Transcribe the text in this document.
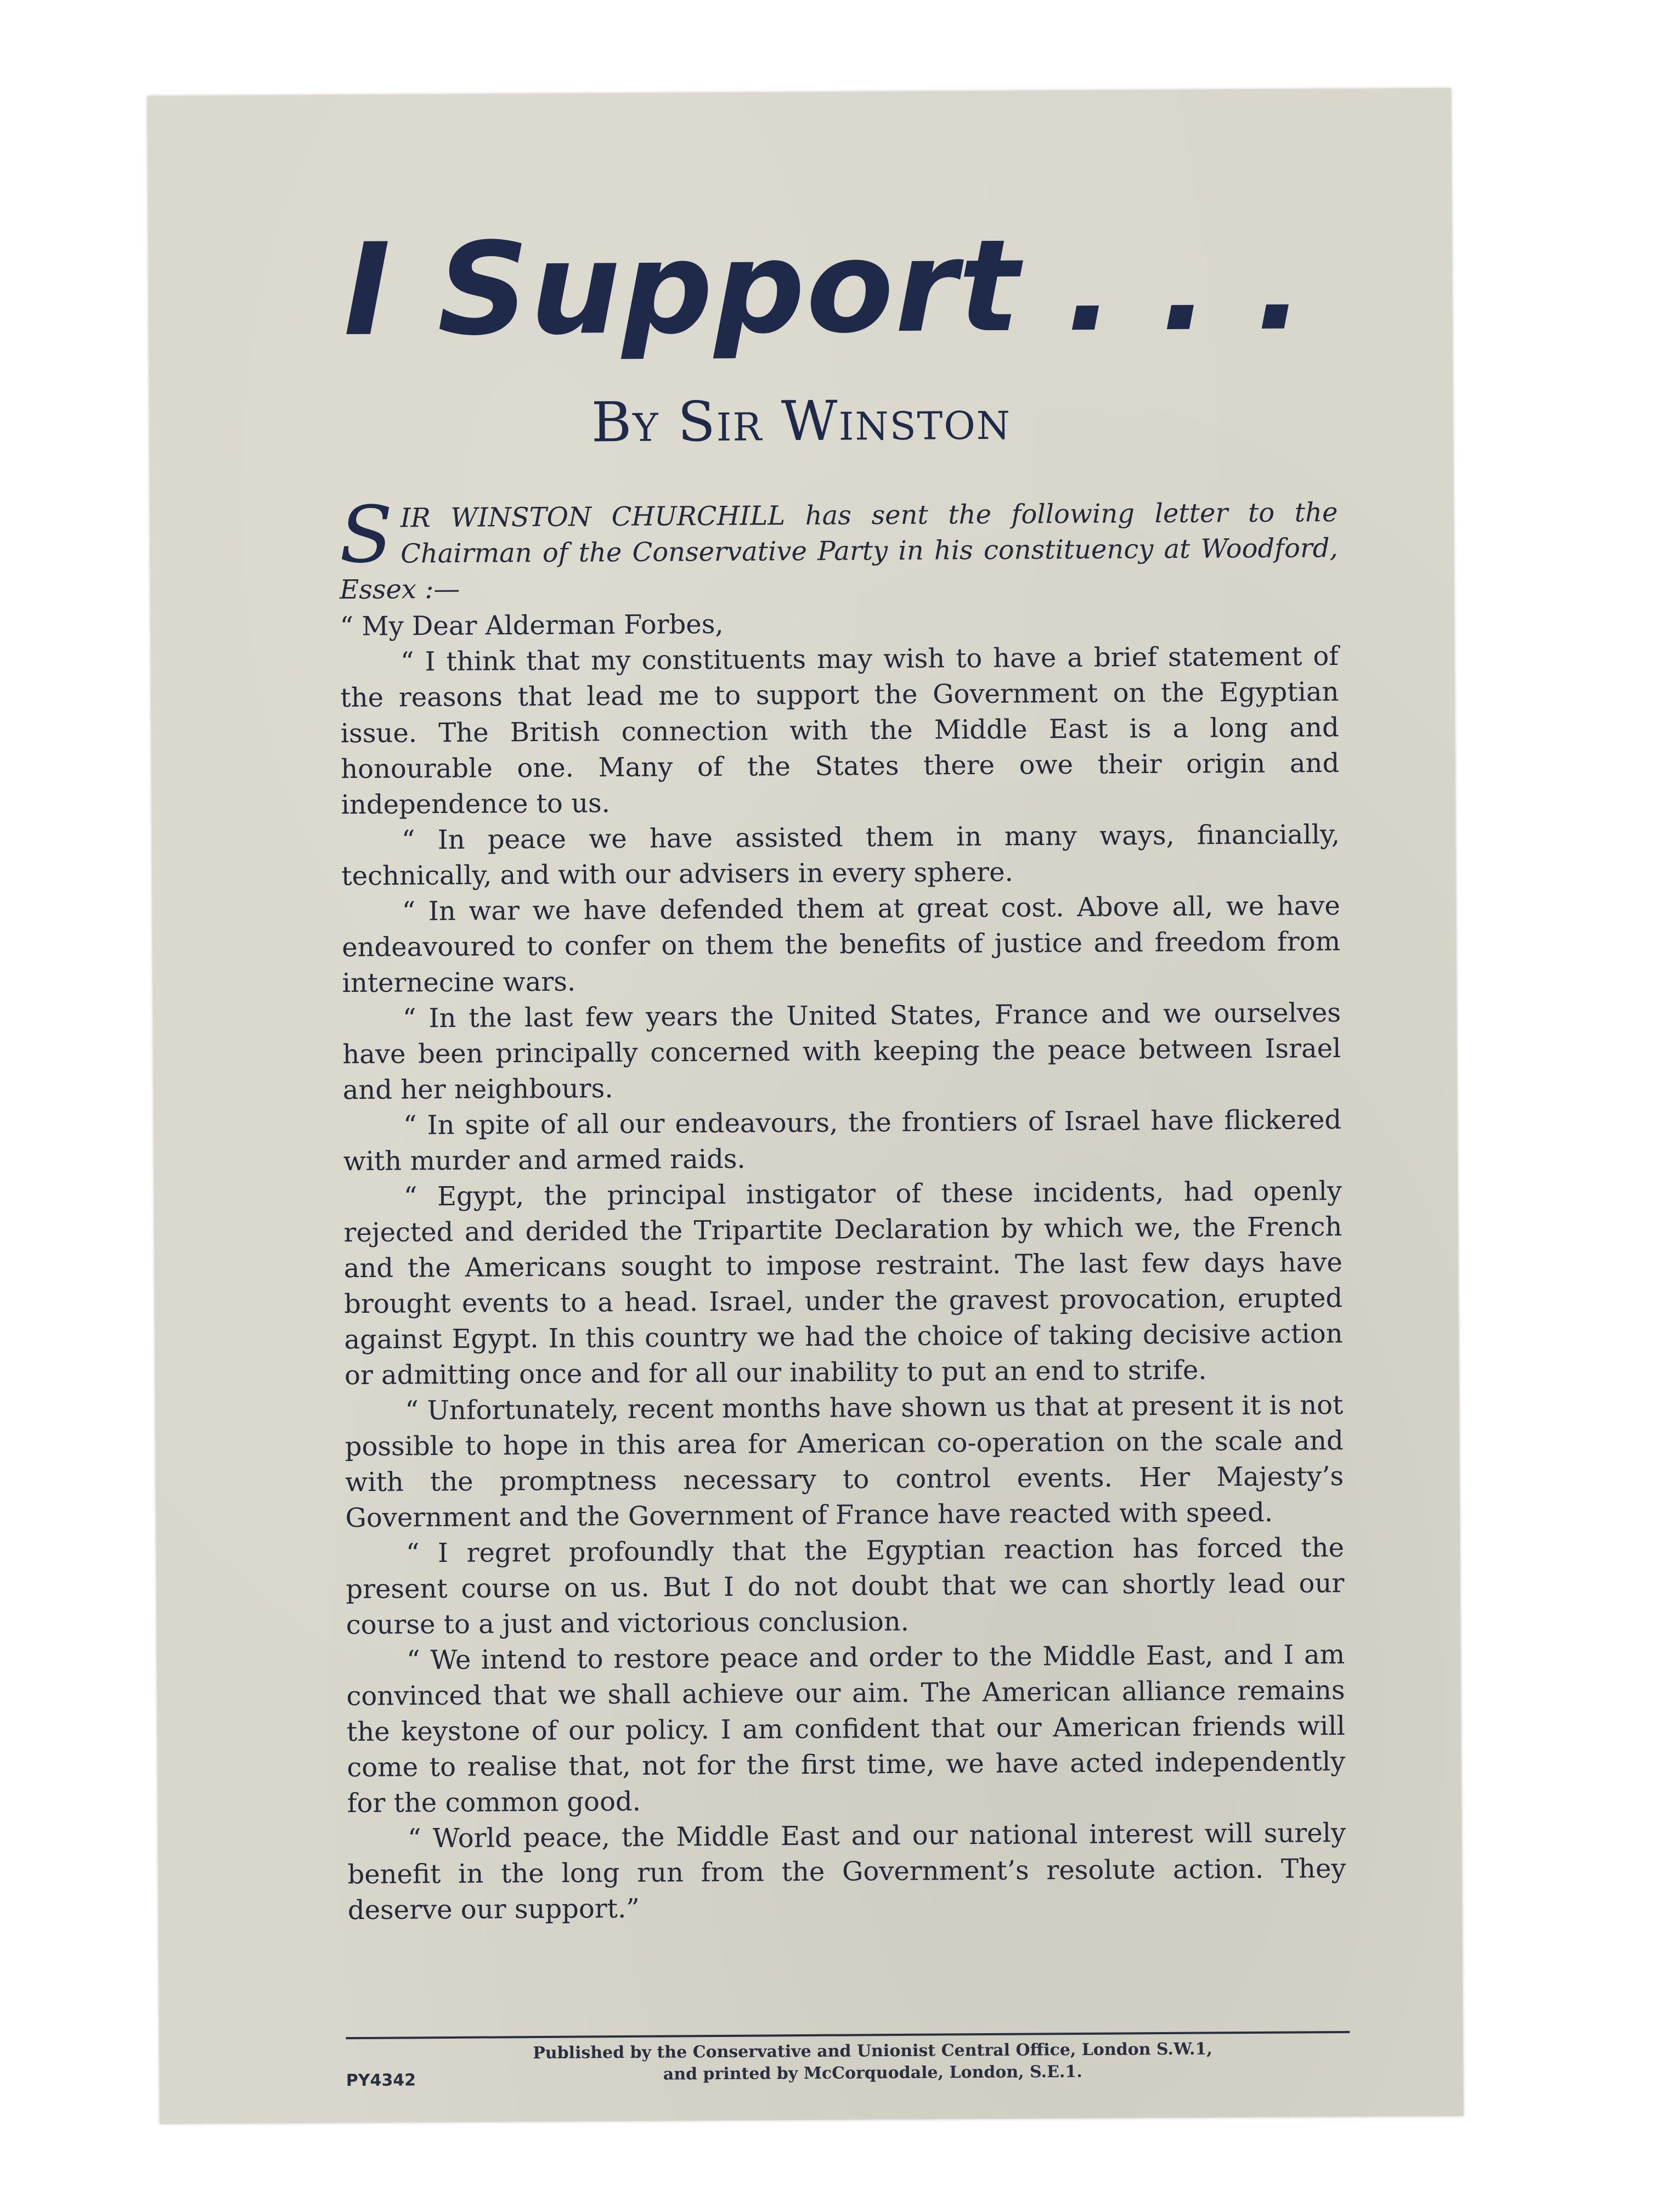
I Support . . .
By Sir Winston

SIR WINSTON CHURCHILL has sent the following letter to the Chairman of the Conservative Party in his constituency at Woodford, Essex :—

“ My Dear Alderman Forbes,

“ I think that my constituents may wish to have a brief statement of the reasons that lead me to support the Government on the Egyptian issue. The British connection with the Middle East is a long and honourable one. Many of the States there owe their origin and independence to us.

“ In peace we have assisted them in many ways, financially, technically, and with our advisers in every sphere.

“ In war we have defended them at great cost. Above all, we have endeavoured to confer on them the benefits of justice and freedom from internecine wars.

“ In the last few years the United States, France and we ourselves have been principally concerned with keeping the peace between Israel and her neighbours.

“ In spite of all our endeavours, the frontiers of Israel have flickered with murder and armed raids.

“ Egypt, the principal instigator of these incidents, had openly rejected and derided the Tripartite Declaration by which we, the French and the Americans sought to impose restraint. The last few days have brought events to a head. Israel, under the gravest provocation, erupted against Egypt. In this country we had the choice of taking decisive action or admitting once and for all our inability to put an end to strife.

“ Unfortunately, recent months have shown us that at present it is not possible to hope in this area for American co-operation on the scale and with the promptness necessary to control events. Her Majesty’s Government and the Government of France have reacted with speed.

“ I regret profoundly that the Egyptian reaction has forced the present course on us. But I do not doubt that we can shortly lead our course to a just and victorious conclusion.

“ We intend to restore peace and order to the Middle East, and I am convinced that we shall achieve our aim. The American alliance remains the keystone of our policy. I am confident that our American friends will come to realise that, not for the first time, we have acted independently for the common good.

“ World peace, the Middle East and our national interest will surely benefit in the long run from the Government’s resolute action. They deserve our support.”

PY4342
Published by the Conservative and Unionist Central Office, London S.W.1,
and printed by McCorquodale, London, S.E.1.
